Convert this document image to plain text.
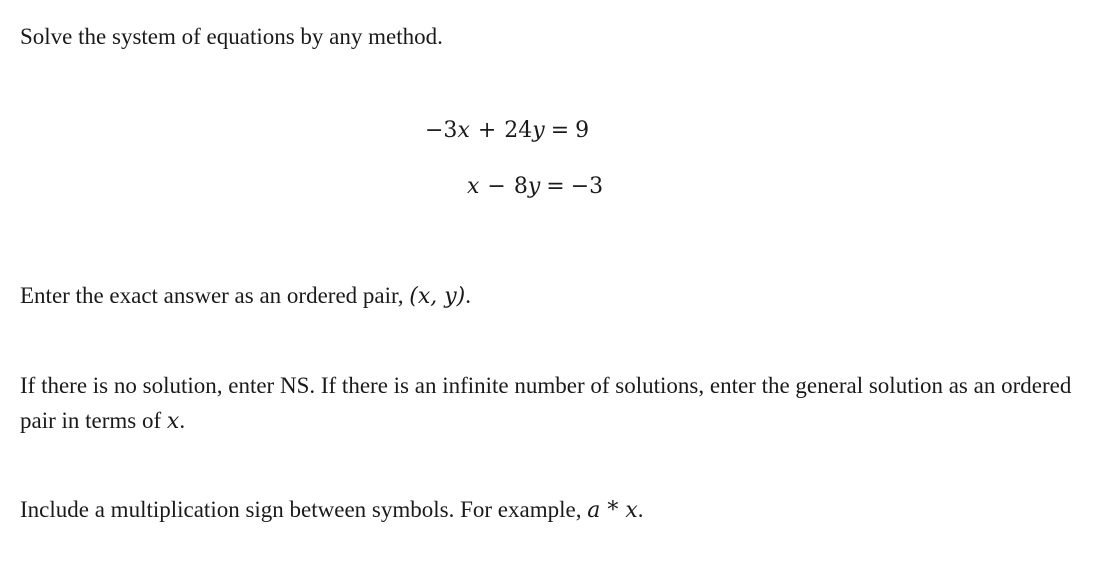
Solve the system of equations by any method.
−3x + 24y = 9
x − 8y = −3
Enter the exact answer as an ordered pair, (x, y).
If there is no solution, enter NS. If there is an infinite number of solutions, enter the general solution as an ordered pair in terms of x.
Include a multiplication sign between symbols. For example, a * x.
